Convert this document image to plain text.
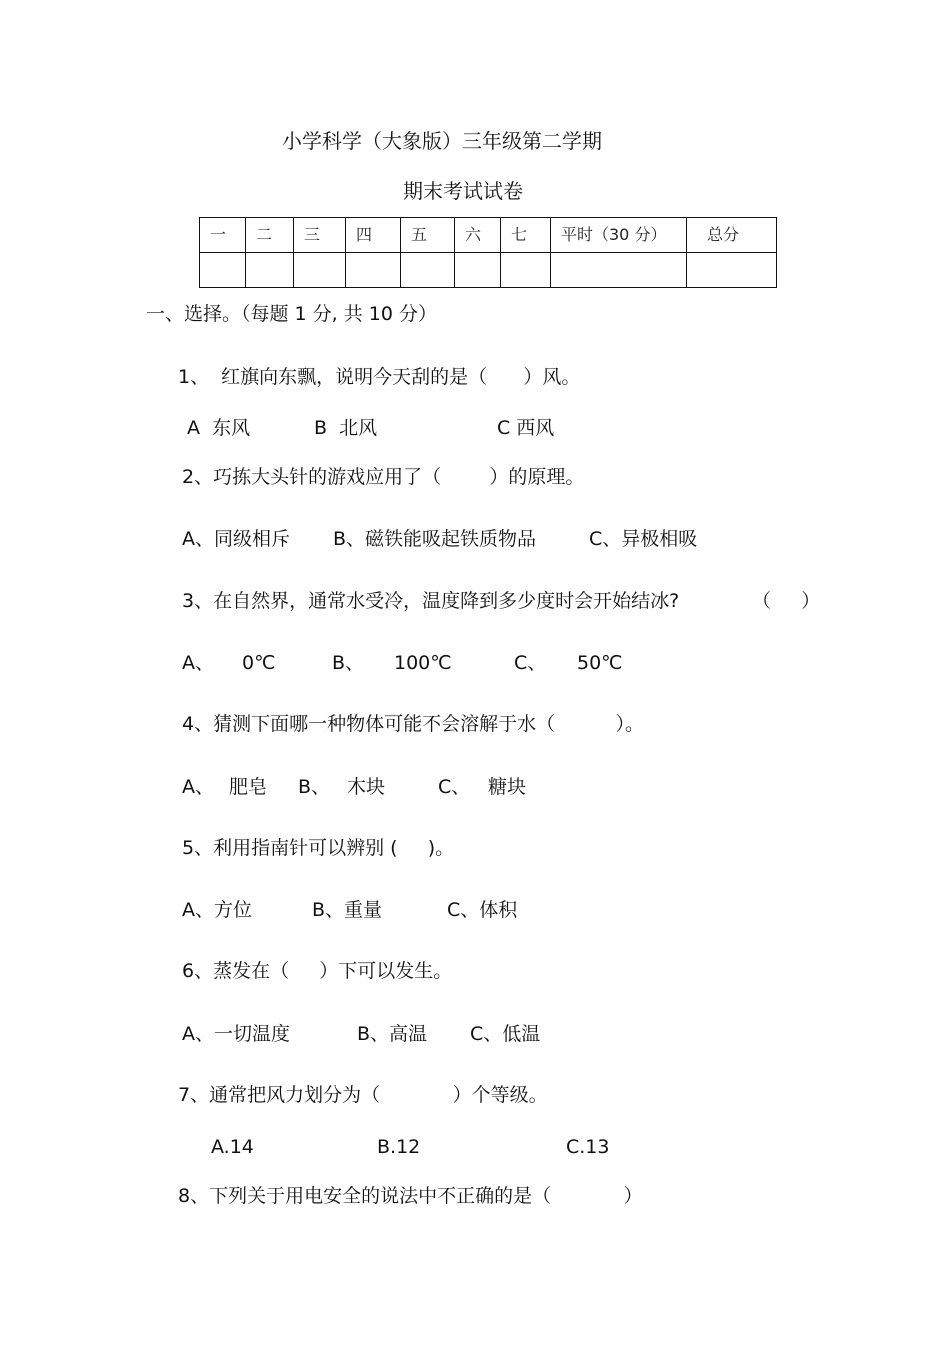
小学科学（大象版）三年级第二学期
期末考试试卷
一	二	三	四	五	六	七	平时（30 分）	总分

一、选择。（每题 1 分, 共 10 分）
1、  红旗向东飘，说明今天刮的是（      ）风。
A  东风	B  北风	C 西风
2、巧拣大头针的游戏应用了（        ）的原理。
A、同级相斥 B、磁铁能吸起铁质物品	C、异极相吸
3、在自然界，通常水受冷，温度降到多少度时会开始结冰?	（     ）
A、 0℃	B、 100℃	C、 50℃
4、猜测下面哪一种物体可能不会溶解于水（          ）。
A、 肥皂 B、 木块	C、 糖块
5、利用指南针可以辨别 (     )。
A、方位	B、重量	C、体积
6、蒸发在（     ）下可以发生。
A、一切温度	B、高温 C、低温
7、通常把风力划分为（            ）个等级。
A.14	B.12	C.13
8、下列关于用电安全的说法中不正确的是（            ）
